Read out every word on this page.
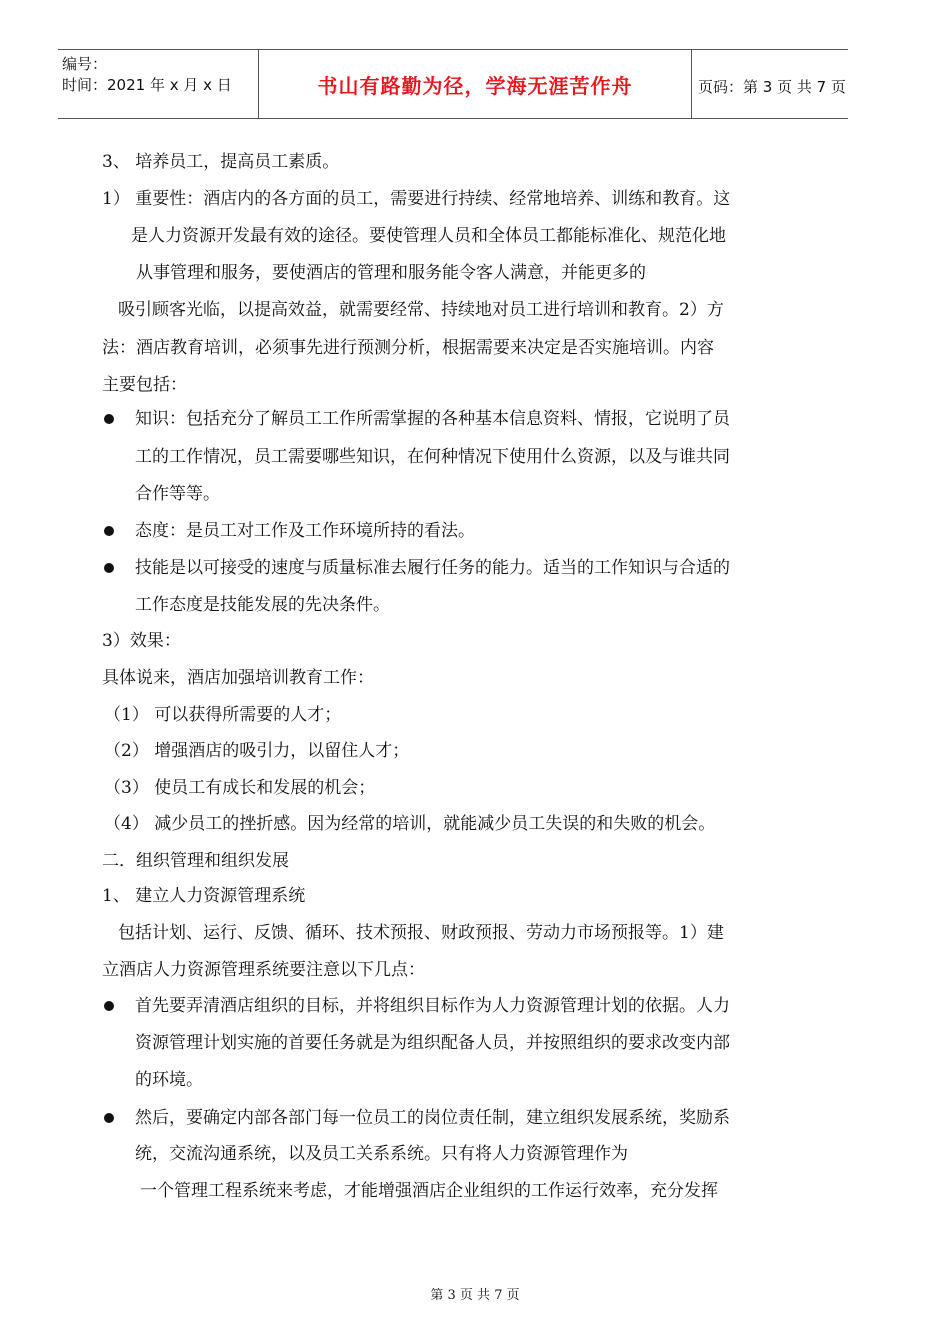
编号：
时间：2021 年 x 月 x 日	书山有路勤为径，学海无涯苦作舟	页码：第 3 页 共 7 页
3、 培养员工，提高员工素质。
1） 重要性：酒店内的各方面的员工，需要进行持续、经常地培养、训练和教育。这
是人力资源开发最有效的途径。要使管理人员和全体员工都能标准化、规范化地
从事管理和服务，要使酒店的管理和服务能令客人满意，并能更多的
吸引顾客光临，以提高效益，就需要经常、持续地对员工进行培训和教育。2）方
法：酒店教育培训，必须事先进行预测分析，根据需要来决定是否实施培训。内容
主要包括：
知识：包括充分了解员工工作所需掌握的各种基本信息资料、情报，它说明了员
工的工作情况，员工需要哪些知识，在何种情况下使用什么资源，以及与谁共同
合作等等。
态度：是员工对工作及工作环境所持的看法。
技能是以可接受的速度与质量标准去履行任务的能力。适当的工作知识与合适的
工作态度是技能发展的先决条件。
3）效果：
具体说来，酒店加强培训教育工作：
（1） 可以获得所需要的人才；
（2） 增强酒店的吸引力，以留住人才；
（3） 使员工有成长和发展的机会；
（4） 减少员工的挫折感。因为经常的培训，就能减少员工失误的和失败的机会。
二．组织管理和组织发展
1、 建立人力资源管理系统
包括计划、运行、反馈、循环、技术预报、财政预报、劳动力市场预报等。1）建
立酒店人力资源管理系统要注意以下几点：
首先要弄清酒店组织的目标，并将组织目标作为人力资源管理计划的依据。人力
资源管理计划实施的首要任务就是为组织配备人员，并按照组织的要求改变内部
的环境。
然后，要确定内部各部门每一位员工的岗位责任制，建立组织发展系统，奖励系
统，交流沟通系统，以及员工关系系统。只有将人力资源管理作为
一个管理工程系统来考虑，才能增强酒店企业组织的工作运行效率，充分发挥
第 3 页 共 7 页
